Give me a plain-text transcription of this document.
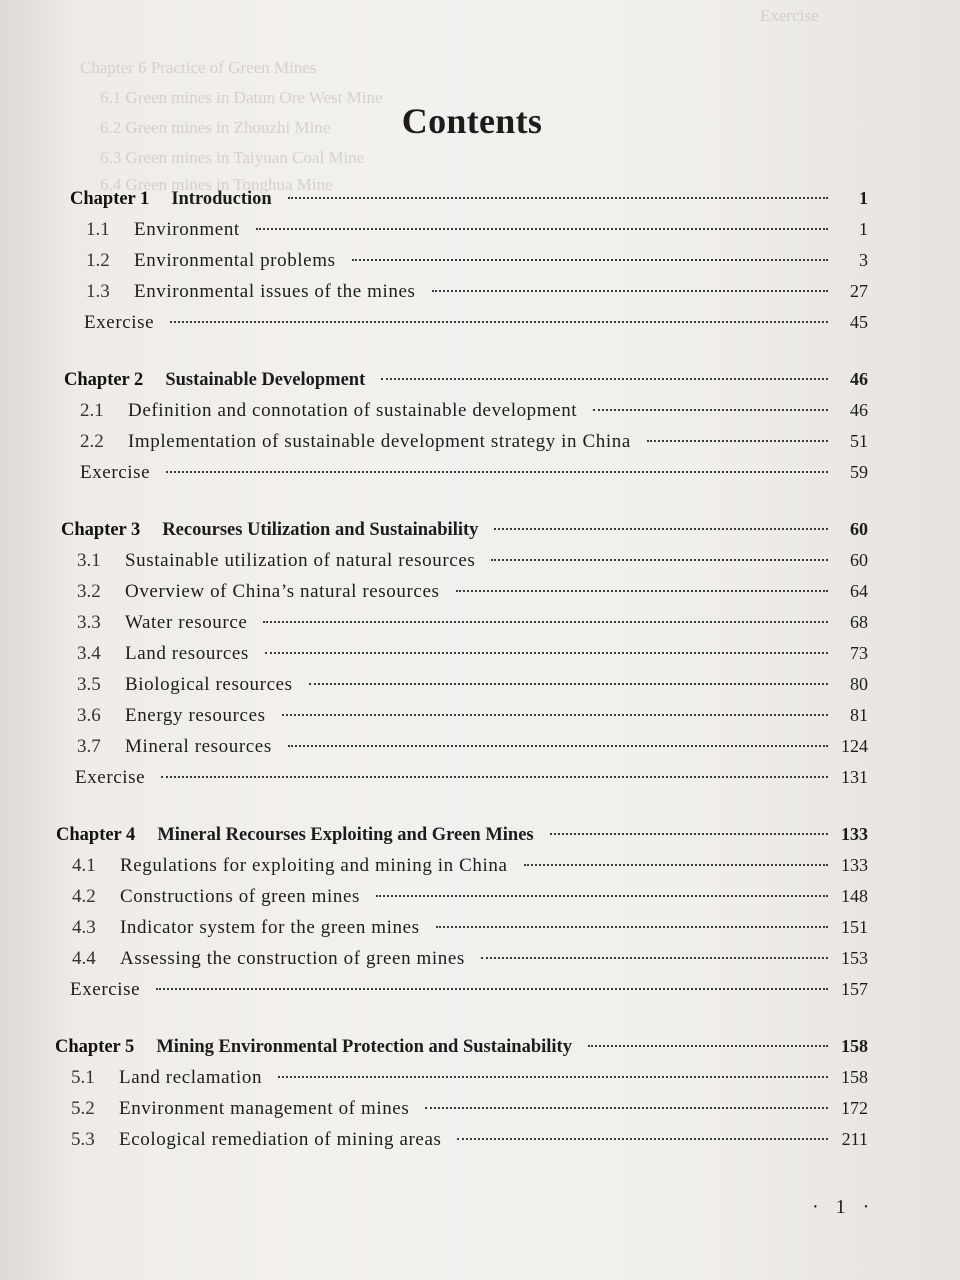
Exercise
Chapter 6 Practice of Green Mines
6.1 Green mines in Datun Ore West Mine
6.2 Green mines in Zhouzhi Mine
6.3 Green mines in Taiyuan Coal Mine
6.4 Green mines in Tonghua Mine
Contents
Chapter 1 Introduction	1
1.1	Environment	1
1.2	Environmental problems	3
1.3	Environmental issues of the mines	27
Exercise	45
Chapter 2 Sustainable Development	46
2.1	Definition and connotation of sustainable development	46
2.2	Implementation of sustainable development strategy in China	51
Exercise	59
Chapter 3 Recourses Utilization and Sustainability	60
3.1	Sustainable utilization of natural resources	60
3.2	Overview of China’s natural resources	64
3.3	Water resource	68
3.4	Land resources	73
3.5	Biological resources	80
3.6	Energy resources	81
3.7	Mineral resources	124
Exercise	131
Chapter 4 Mineral Recourses Exploiting and Green Mines	133
4.1	Regulations for exploiting and mining in China	133
4.2	Constructions of green mines	148
4.3	Indicator system for the green mines	151
4.4	Assessing the construction of green mines	153
Exercise	157
Chapter 5 Mining Environmental Protection and Sustainability	158
5.1	Land reclamation	158
5.2	Environment management of mines	172
5.3	Ecological remediation of mining areas	211
· 1 ·
